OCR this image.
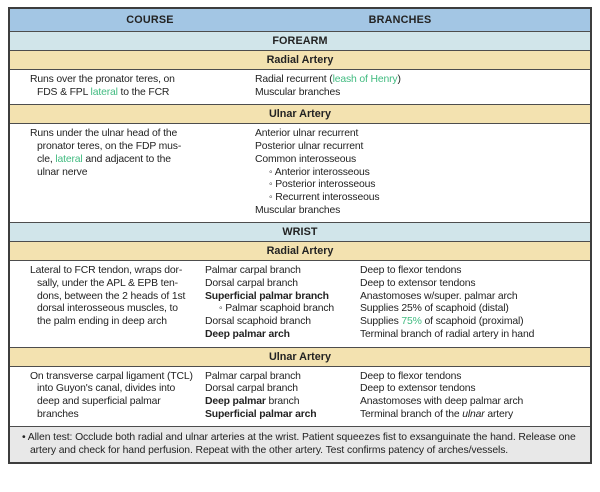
COURSE	BRANCHES
FOREARM
Radial Artery
Runs over the pronator teres, on
FDS & FPL lateral to the FCR
Radial recurrent (leash of Henry)
Muscular branches
Ulnar Artery
Runs under the ulnar head of the
pronator teres, on the FDP mus-
cle, lateral and adjacent to the
ulnar nerve
Anterior ulnar recurrent
Posterior ulnar recurrent
Common interosseous
◦ Anterior interosseous
◦ Posterior interosseous
◦ Recurrent interosseous
Muscular branches
WRIST
Radial Artery
Lateral to FCR tendon, wraps dor-
sally, under the APL & EPB ten-
dons, between the 2 heads of 1st
dorsal interosseous muscles, to
the palm ending in deep arch
Palmar carpal branch
Dorsal carpal branch
Superficial palmar branch
◦ Palmar scaphoid branch
Dorsal scaphoid branch
Deep palmar arch
Deep to flexor tendons
Deep to extensor tendons
Anastomoses w/super. palmar arch
Supplies 25% of scaphoid (distal)
Supplies 75% of scaphoid (proximal)
Terminal branch of radial artery in hand
Ulnar Artery
On transverse carpal ligament (TCL)
into Guyon's canal, divides into
deep and superficial palmar
branches
Palmar carpal branch
Dorsal carpal branch
Deep palmar branch
Superficial palmar arch
Deep to flexor tendons
Deep to extensor tendons
Anastomoses with deep palmar arch
Terminal branch of the ulnar artery
• Allen test: Occlude both radial and ulnar arteries at the wrist. Patient squeezes fist to exsanguinate the hand. Release one artery and check for hand perfusion. Repeat with the other artery. Test confirms patency of arches/vessels.
